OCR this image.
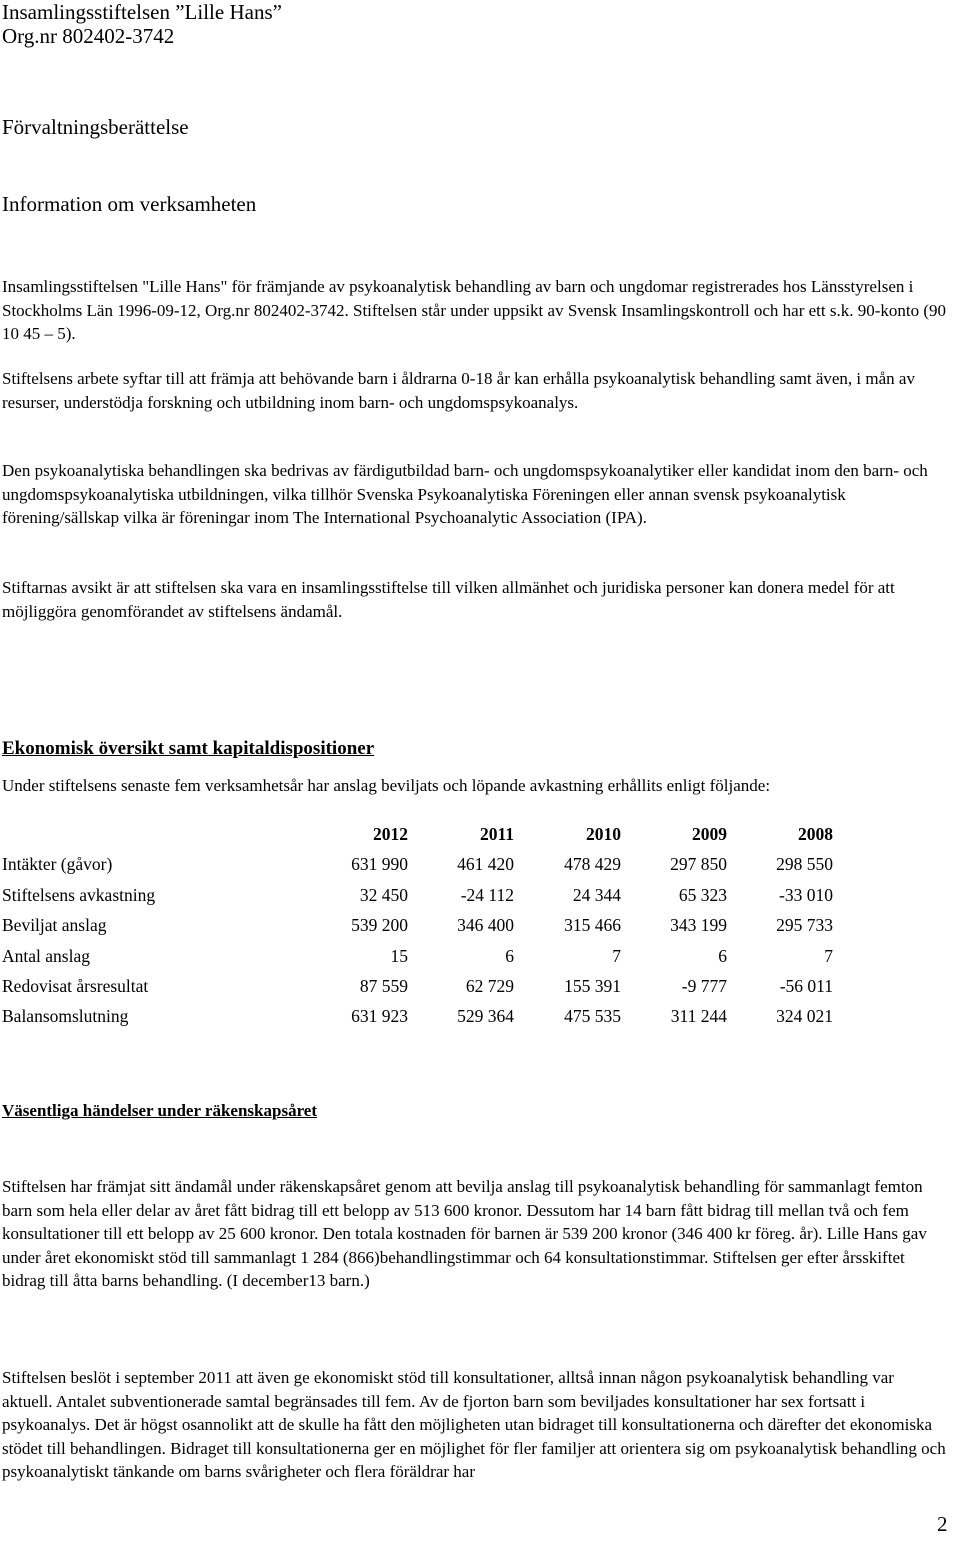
Insamlingsstiftelsen ”Lille Hans”
Org.nr 802402-3742
Förvaltningsberättelse
Information om verksamheten
Insamlingsstiftelsen "Lille Hans" för främjande av psykoanalytisk behandling av barn och ungdomar registrerades hos Länsstyrelsen i Stockholms Län 1996-09-12, Org.nr 802402-3742. Stiftelsen står under uppsikt av Svensk Insamlingskontroll och har ett s.k. 90-konto (90 10 45 – 5).
Stiftelsens arbete syftar till att främja att behövande barn i åldrarna 0-18 år kan erhålla psykoanalytisk behandling samt även, i mån av resurser, understödja forskning och utbildning inom barn- och ungdomspsykoanalys.
Den psykoanalytiska behandlingen ska bedrivas av färdigutbildad barn- och ungdomspsykoanalytiker eller kandidat inom den barn- och ungdomspsykoanalytiska utbildningen, vilka tillhör Svenska Psykoanalytiska Föreningen eller annan svensk psykoanalytisk förening/sällskap vilka är föreningar inom The International Psychoanalytic Association (IPA).
Stiftarnas avsikt är att stiftelsen ska vara en insamlingsstiftelse till vilken allmänhet och juridiska personer kan donera medel för att möjliggöra genomförandet av stiftelsens ändamål.
Ekonomisk översikt samt kapitaldispositioner
Under stiftelsens senaste fem verksamhetsår har anslag beviljats och löpande avkastning erhållits enligt följande:
	2012	2011	2010	2009	2008
Intäkter (gåvor)	631 990	461 420	478 429	297 850	298 550
Stiftelsens avkastning	32 450	-24 112	24 344	65 323	-33 010
Beviljat anslag	539 200	346 400	315 466	343 199	295 733
Antal anslag	15	6	7	6	7
Redovisat årsresultat	87 559	62 729	155 391	-9 777	-56 011
Balansomslutning	631 923	529 364	475 535	311 244	324 021
Väsentliga händelser under räkenskapsåret
Stiftelsen har främjat sitt ändamål under räkenskapsåret genom att bevilja anslag till psykoanalytisk behandling för sammanlagt femton barn som hela eller delar av året fått bidrag till ett belopp av 513 600 kronor. Dessutom har 14 barn fått bidrag till mellan två och fem konsultationer till ett belopp av 25 600 kronor. Den totala kostnaden för barnen är 539 200 kronor (346 400 kr föreg. år). Lille Hans gav under året ekonomiskt stöd till sammanlagt 1 284 (866)behandlingstimmar och 64 konsultationstimmar. Stiftelsen ger efter årsskiftet bidrag till åtta barns behandling. (I december13 barn.)
Stiftelsen beslöt i september 2011 att även ge ekonomiskt stöd till konsultationer, alltså innan någon psykoanalytisk behandling var aktuell. Antalet subventionerade samtal begränsades till fem. Av de fjorton barn som beviljades konsultationer har sex fortsatt i psykoanalys. Det är högst osannolikt att de skulle ha fått den möjligheten utan bidraget till konsultationerna och därefter det ekonomiska stödet till behandlingen. Bidraget till konsultationerna ger en möjlighet för fler familjer att orientera sig om psykoanalytisk behandling och psykoanalytiskt tänkande om barns svårigheter och flera föräldrar har
2
